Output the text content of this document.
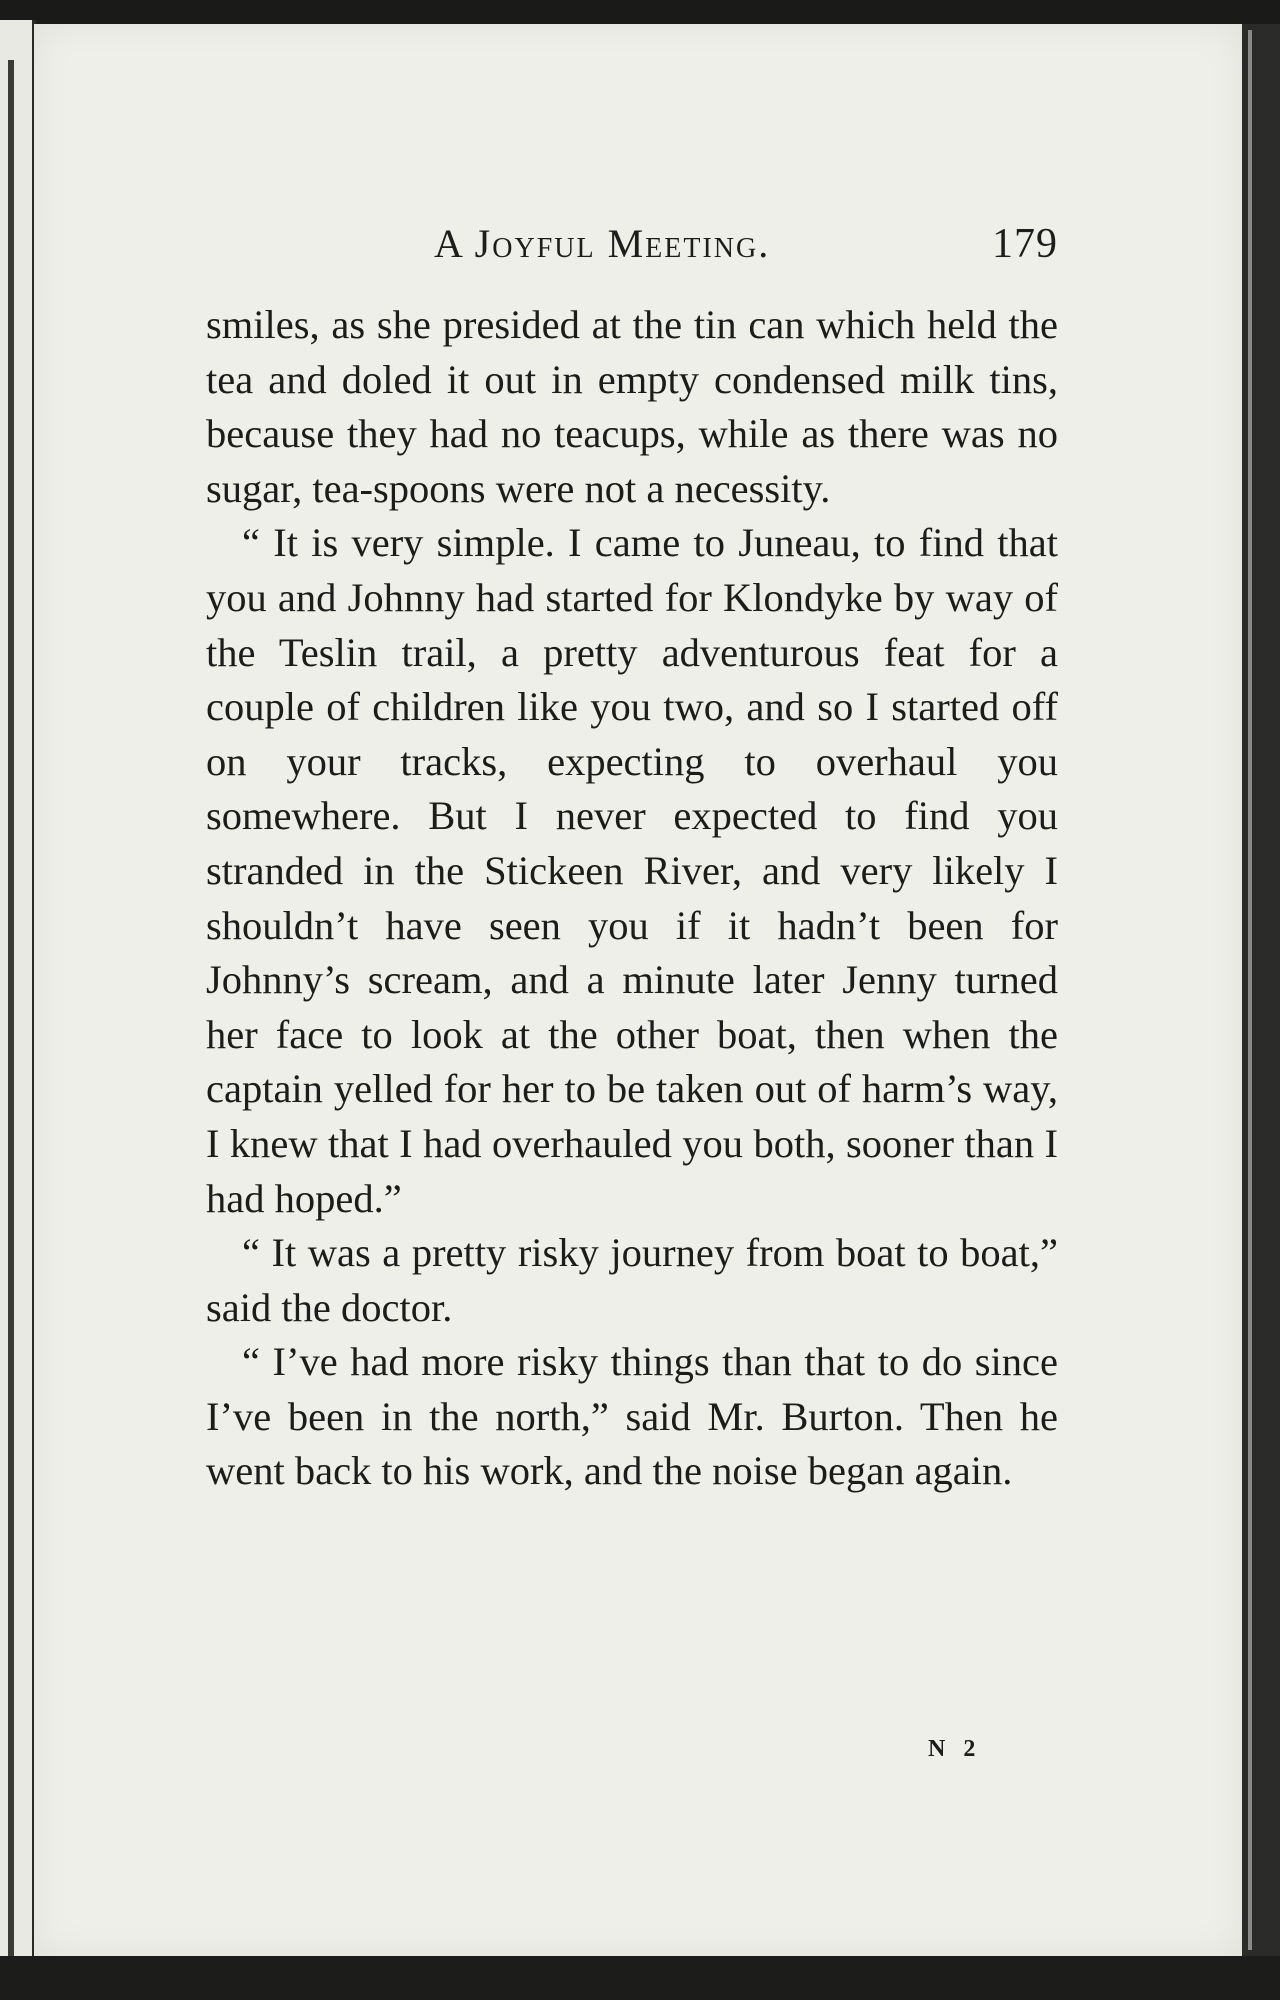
A Joyful Meeting.	179

smiles, as she presided at the tin can which held the tea and doled it out in empty condensed milk tins, because they had no teacups, while as there was no sugar, tea-spoons were not a necessity.

“ It is very simple. I came to Juneau, to find that you and Johnny had started for Klondyke by way of the Teslin trail, a pretty adventurous feat for a couple of children like you two, and so I started off on your tracks, expecting to overhaul you somewhere. But I never expected to find you stranded in the Stickeen River, and very likely I shouldn’t have seen you if it hadn’t been for Johnny’s scream, and a minute later Jenny turned her face to look at the other boat, then when the captain yelled for her to be taken out of harm’s way, I knew that I had overhauled you both, sooner than I had hoped.”

“ It was a pretty risky journey from boat to boat,” said the doctor.

“ I’ve had more risky things than that to do since I’ve been in the north,” said Mr. Burton. Then he went back to his work, and the noise began again.

N 2
